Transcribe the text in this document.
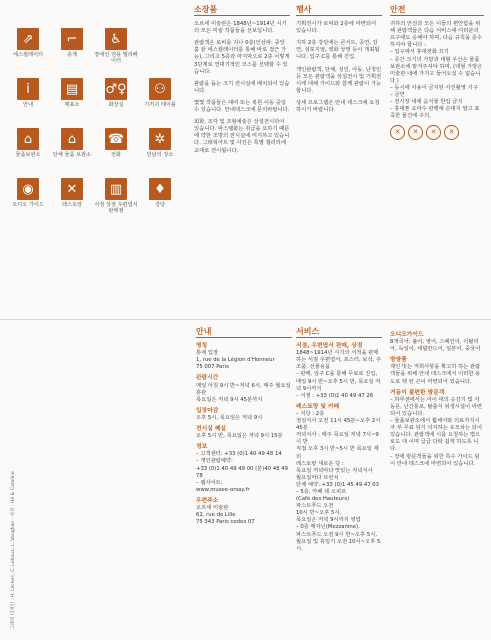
⇗
에스컬레이터
⌐
층계
♿
장애인 전용 엘리베이터
i
안내
▤
매표소
♂♀
화장실
⚇
기저귀 테이블
⌂
물품보관소
⌂
단체 물품 보관소
☎
전화
✲
만남의 장소
◉
오디오 가이드
✕
레스토랑
▥
서점 상점 우편엽서 판매점
♦
강당
소장품

오르세 미술관은 1848년~1914년 시기의 모든 미술 작품들을 선보입니다.

관람객은 로비를 지나 0층(인상파: 중앙 홀 끝 에스컬레이터를 통해 바로 접근 가능), 그리고 5층과 마지막으로 2층 이렇게 3단계로 연대기적인 코스를 선택할 수 있습니다.

관람을 돕는 크기 전시실에 배치되어 있습니다.

몇몇 작품들은 대여 또는 복원 이동 중일 수 있습니다. 안내데스크에 문의바랍니다.

회화, 조각 및 조형예술은 상설전시되어 있습니다. 파스텔화는 취급을 요하기 때문에 약한 조명의 전시실에 머지하고 있습니다. 그래픽아트 및 사진은 특별 갤러리에 교대로 전시됩니다.

행사

기획전시가 로비와 2층에 마련되어 있습니다.

지하 2층 강당에는 콘서트, 공연, 강연, 심포지엄, 영화 상영 등이 개최됩니다. 입구 C를 통해 진입.

개인관람객, 단체, 성인, 아동, 난청인 등 모든 관람객을 상설전시 및 기획전시에 대해 가이드와 함께 관람이 가능합니다.

상세 프로그램은 안내 데스크에 요청하시기 바랍니다.

안전

귀하의 안전과 모든 이들의 편안함을 위해 관람객들은 다음 서비스에 여러분의 요구에도 응해야 하며, 다음 규칙을 준수하셔야 합니다 :
– 입구에서 휴대전화 끄기
– 증간 크기의 가방과 대형 우산은 물품보관소에 맡겨주셔야 하며, (대형 가방은 미술관 내에 가지고 들어오실 수 없습니다.)
– 동시에 사용이 금지된 사진촬영 기구
– 금연
– 전시장 내에 음식물 반입 금지
– 휴대폰 요마수 관행예 손대지 말고 표죽한 물건에 주의.

✕	✕	✕	✕
그래픽 디자인 : H. Leclerc, C. Lehoux, L. Vaughan · 사진 : Hé & Caroline
안내
명칭
통에 입장
1, rue de la Légion d'Honneur
75 007 Paris
관람시간
매일 아침 9시 반~저녁 6시, 매주 월요일 휴관
목요일은 저녁 9시 45분까지
입장마감
오후 5시, 목요일은 저녁 9시
전시실 폐실
오후 5시 반, 목요일은 저녁 9시 15분
정보
– 고객센터: +33 (0)1 40 49 48 14
– 개인관람예약:
+33 (0)1 40 49 49 00 (분)40 48 49 78
– 웹사이트:
www.musee-orsay.fr
우편주소
오르세 미술관
62, rue de Lille
75 343 Paris cedex 07
서비스
서점, 우편엽서 판매, 상점
1848~1914년 시기의 서적을 판매하는 서점 우편엽서, 포스터, 보석, 주조품, 선물용품
– 판매, 임구 C을 통해 무료로 진입, 매일 9시 반~오후 5시 반, 목요일 저녁 9시까지
– 서점 : +33 (0)1 40 49 47 26
레스토랑 및 카페
– 식당 : 2층
점심식사 오전 11시 45분~오후 2시 45분
저녁식사 : 매주 목요일 저녁 7시~9시 반
직접 오후 3시 반~5시 반 목요일 제외
레스토랑 새로운 당 :
목요일 저녁마다 맛있는 저녁식사
월요일마다 브런치
단체 예약: +33 (0)1 45 49 47 03
– 5층, 카페 데 오피르
(Café des Hauteurs)
파스트푸드 오전
10시 반~오후 5시,
목요일은 저녁 9시까지 영업
– 0층 메자닌(Mezzanine),
파스트푸드 오전 9시 반~오후 5시, 월요일 및 휴일기 오전 10시~오후 5시.
오디오가이드
8개국어: 불어, 영어, 스페인어, 이탈리아, 독일어, 네덜란드어, 일본어, 중국어
방쌍품
제인 빗는 저희사항을 확고히 하는 관람객들을 위해 안내 데스크에서 이러한 용도로 택 된 곤이 마련되어 있습니다.
거동이 불편한 방문객
– 하루센에서는 어이 대의 승강기 및 자동문, 난간통로, 탈출식 위생시설이 마련되어 있습니다.
– 물품보관소에서 휠체어와 의료자지시자 부 무료 뒤기 의지하는 유모차는 되어 있습니다. 관람객에 시를 요청하는 법으로도 대 이며 급급 다락 쉽게 하도록 니다.
– 장애 방문객들을 위한 특수 가이드 덤이 안내 데스크에 마련되어 있습니다.
